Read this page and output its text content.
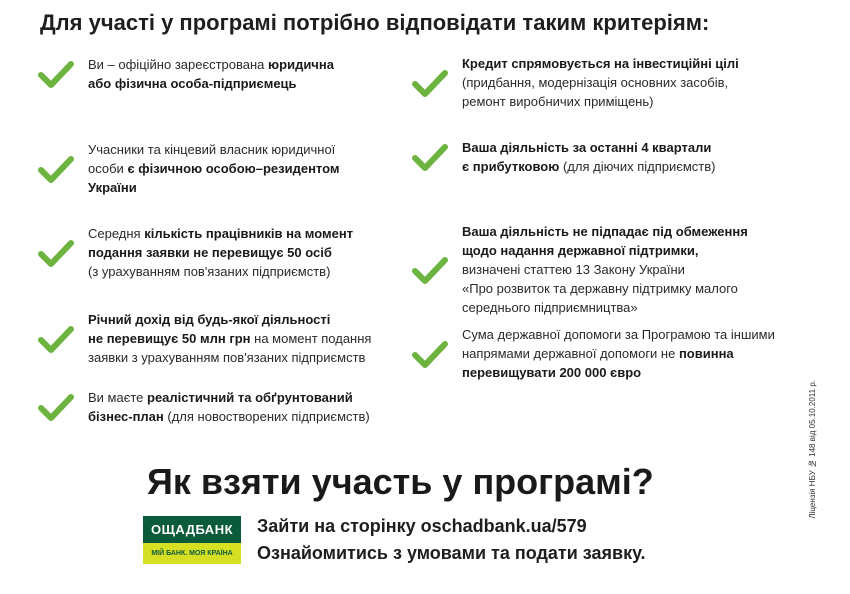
Для участі у програмі потрібно відповідати таким критеріям:
Ви – офіційно зареєстрована юридична
або фізична особа-підприємець
Учасники та кінцевий власник юридичної
особи є фізичною особою–резидентом
України
Середня кількість працівників на момент
подання заявки не перевищує 50 осіб
(з урахуванням пов'язаних підприємств)
Річний дохід від будь-якої діяльності
не перевищує 50 млн грн на момент подання
заявки з урахуванням пов'язаних підприємств
Ви маєте реалістичний та обґрунтований
бізнес-план (для новостворених підприємств)
Кредит спрямовується на інвестиційні цілі
(придбання, модернізація основних засобів,
ремонт виробничих приміщень)
Ваша діяльність за останні 4 квартали
є прибутковою (для діючих підприємств)
Ваша діяльність не підпадає під обмеження
щодо надання державної підтримки,
визначені статтею 13 Закону України
«Про розвиток та державну підтримку малого
середнього підприємництва»
Сума державної допомоги за Програмою та іншими
напрямами державної допомоги не повинна
перевищувати 200 000 євро
Як взяти участь у програмі?
ОЩАДБАНК
МІЙ БАНК. МОЯ КРАЇНА
Зайти на сторінку oschadbank.ua/579
Ознайомитись з умовами та подати заявку.
Ліцензія НБУ № 148 від 05.10.2011 р.
